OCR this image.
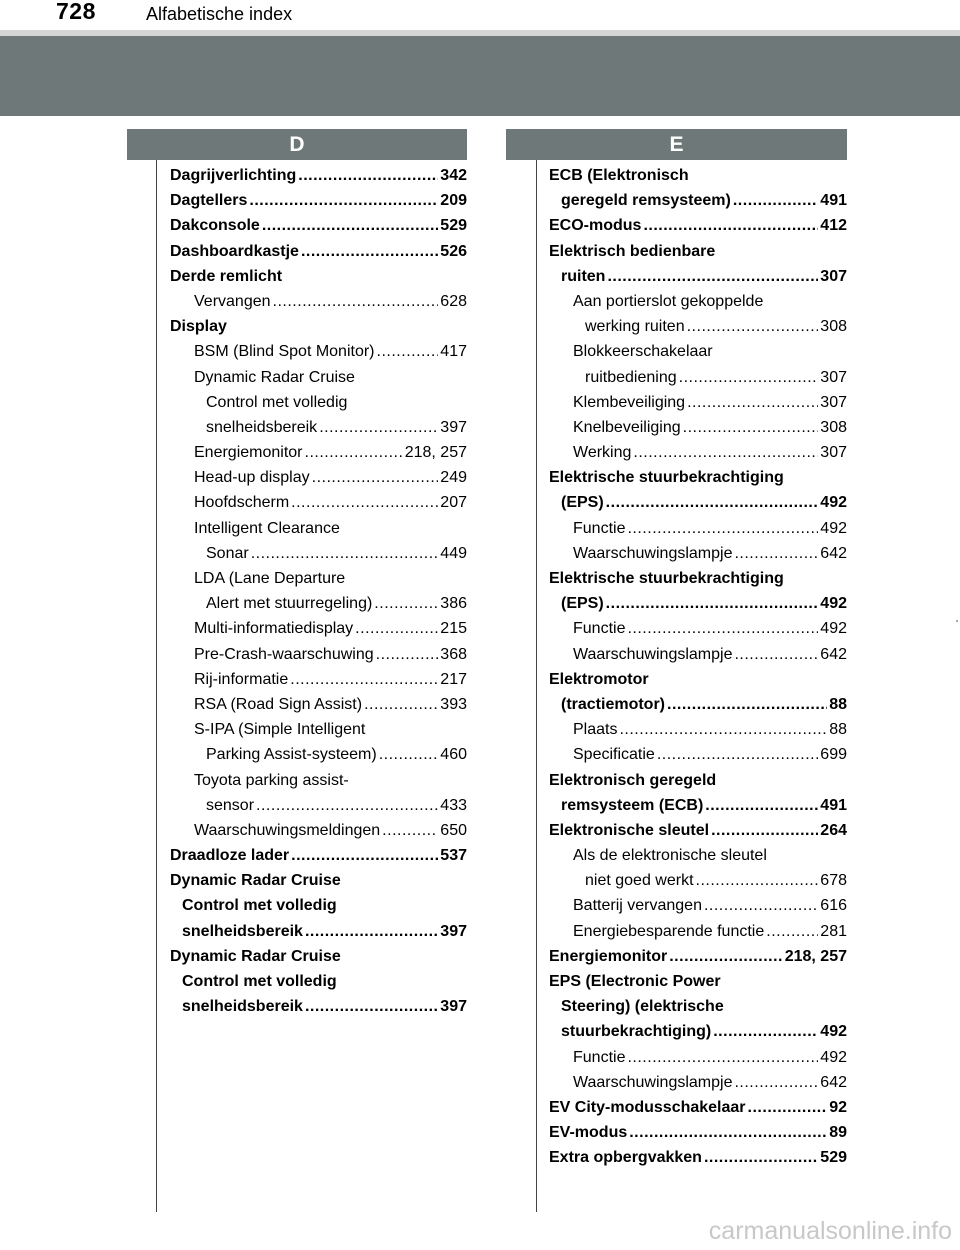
728	Alfabetische index
D	E
Dagrijverlichting .....	342
Dagtellers .....	209
Dakconsole .....	529
Dashboardkastje .....	526
Derde remlicht
Vervangen .....	628
Display
BSM (Blind Spot Monitor) .....	417
Dynamic Radar Cruise
Control met volledig
snelheidsbereik .....	397
Energiemonitor .....	218, 257
Head-up display .....	249
Hoofdscherm .....	207
Intelligent Clearance
Sonar .....	449
LDA (Lane Departure
Alert met stuurregeling) .....	386
Multi-informatiedisplay .....	215
Pre-Crash-waarschuwing .....	368
Rij-informatie .....	217
RSA (Road Sign Assist) .....	393
S-IPA (Simple Intelligent
Parking Assist-systeem) .....	460
Toyota parking assist-
sensor .....	433
Waarschuwingsmeldingen .....	650
Draadloze lader .....	537
Dynamic Radar Cruise
Control met volledig
snelheidsbereik .....	397
Dynamic Radar Cruise
Control met volledig
snelheidsbereik .....	397
ECB (Elektronisch
geregeld remsysteem) .....	491
ECO-modus .....	412
Elektrisch bedienbare
ruiten .....	307
Aan portierslot gekoppelde
werking ruiten .....	308
Blokkeerschakelaar
ruitbediening .....	307
Klembeveiliging .....	307
Knelbeveiliging .....	308
Werking .....	307
Elektrische stuurbekrachtiging
(EPS) .....	492
Functie .....	492
Waarschuwingslampje .....	642
Elektrische stuurbekrachtiging
(EPS) .....	492
Functie .....	492
Waarschuwingslampje .....	642
Elektromotor
(tractiemotor) .....	88
Plaats .....	88
Specificatie .....	699
Elektronisch geregeld
remsysteem (ECB) .....	491
Elektronische sleutel .....	264
Als de elektronische sleutel
niet goed werkt .....	678
Batterij vervangen .....	616
Energiebesparende functie .....	281
Energiemonitor .....	218, 257
EPS (Electronic Power
Steering) (elektrische
stuurbekrachtiging) .....	492
Functie .....	492
Waarschuwingslampje .....	642
EV City-modusschakelaar .....	92
EV-modus .....	89
Extra opbergvakken .....	529
carmanualsonline.info
